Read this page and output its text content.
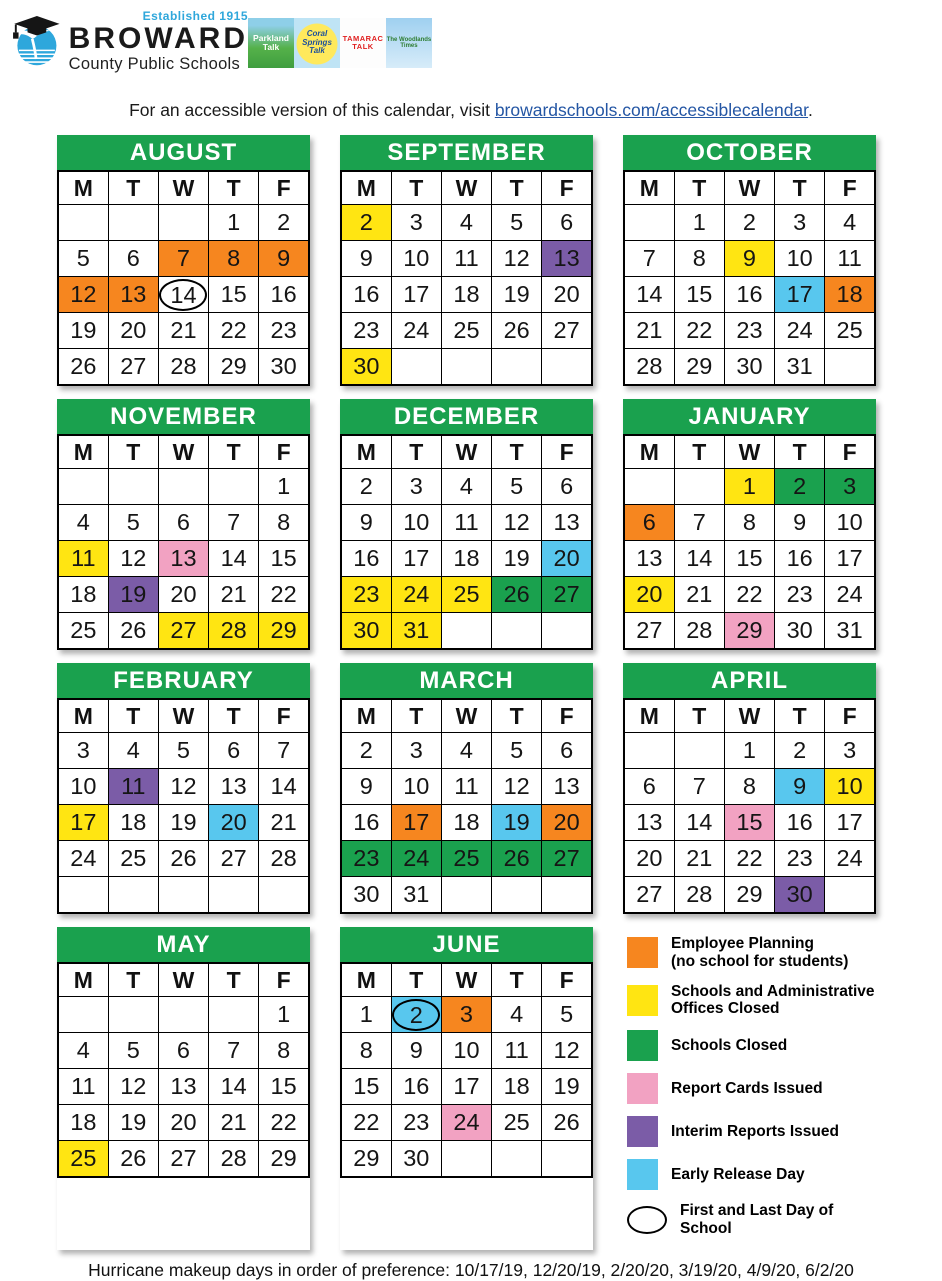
Established 1915
BROWARD
County Public Schools
Parkland Talk
Coral Springs Talk
TAMARAC TALK
The Woodlands Times 2019/20 SCHOOL CALENDAR
For an accessible version of this calendar, visit browardschools.com/accessiblecalendar.
Employee Planning
(no school for students)
Schools and Administrative
Offices Closed
Schools Closed
Report Cards Issued
Interim Reports Issued
Early Release Day
First and Last Day of School
AUGUST
M	T	W	T	F
			1	2
5	6	7	8	9
12	13	14	15	16
19	20	21	22	23
26	27	28	29	30
SEPTEMBER
M	T	W	T	F
2	3	4	5	6
9	10	11	12	13
16	17	18	19	20
23	24	25	26	27
30				
OCTOBER
M	T	W	T	F
	1	2	3	4
7	8	9	10	11
14	15	16	17	18
21	22	23	24	25
28	29	30	31	
NOVEMBER
M	T	W	T	F
				1
4	5	6	7	8
11	12	13	14	15
18	19	20	21	22
25	26	27	28	29
DECEMBER
M	T	W	T	F
2	3	4	5	6
9	10	11	12	13
16	17	18	19	20
23	24	25	26	27
30	31			
JANUARY
M	T	W	T	F
		1	2	3
6	7	8	9	10
13	14	15	16	17
20	21	22	23	24
27	28	29	30	31
FEBRUARY
M	T	W	T	F
3	4	5	6	7
10	11	12	13	14
17	18	19	20	21
24	25	26	27	28

MARCH
M	T	W	T	F
2	3	4	5	6
9	10	11	12	13
16	17	18	19	20
23	24	25	26	27
30	31			
APRIL
M	T	W	T	F
		1	2	3
6	7	8	9	10
13	14	15	16	17
20	21	22	23	24
27	28	29	30	
MAY
M	T	W	T	F
				1
4	5	6	7	8
11	12	13	14	15
18	19	20	21	22
25	26	27	28	29
JUNE
M	T	W	T	F
1	2	3	4	5
8	9	10	11	12
15	16	17	18	19
22	23	24	25	26
29	30			
Hurricane makeup days in order of preference: 10/17/19, 12/20/19, 2/20/20, 3/19/20, 4/9/20, 6/2/20
